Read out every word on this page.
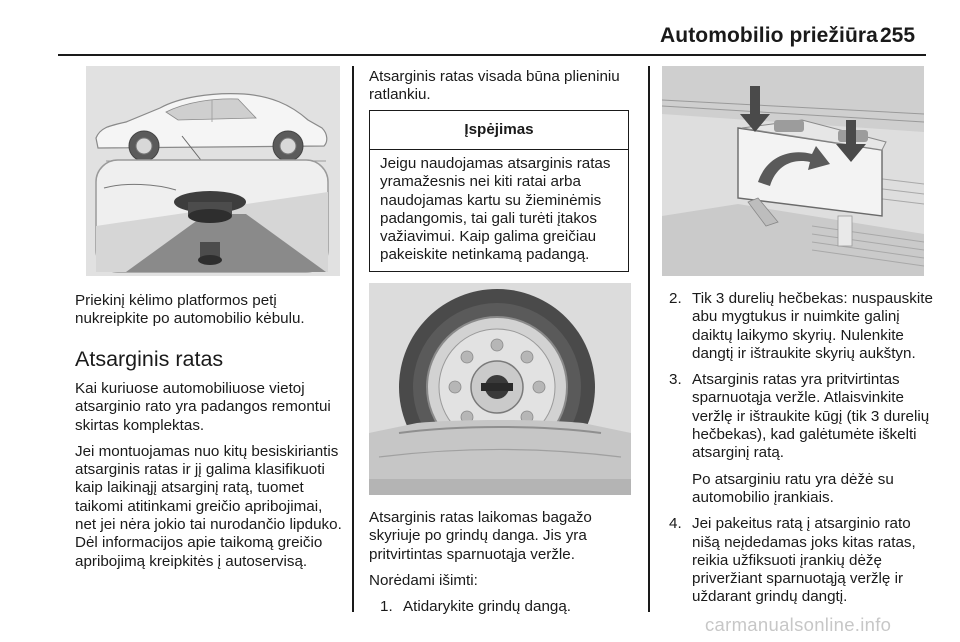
Automobilio priežiūra 255

Priekinį kėlimo platformos petį nukreipkite po automobilio kėbulu.

Atsarginis ratas

Kai kuriuose automobiliuose vietoj atsarginio rato yra padangos remontui skirtas komplektas.

Jei montuojamas nuo kitų besiskiriantis atsarginis ratas ir jį galima klasifikuoti kaip laikinąjį atsarginį ratą, tuomet taikomi atitinkami greičio apribojimai, net jei nėra jokio tai nurodančio lipduko. Dėl informacijos apie taikomą greičio apribojimą kreipkitės į autoservisą.

Atsarginis ratas visada būna plieniniu ratlankiu.

Įspėjimas
Jeigu naudojamas atsarginis ratas yramažesnis nei kiti ratai arba naudojamas kartu su žieminėmis padangomis, tai gali turėti įtakos važiavimui. Kaip galima greičiau pakeiskite netinkamą padangą.

Atsarginis ratas laikomas bagažo skyriuje po grindų danga. Jis yra pritvirtintas sparnuotąja veržle.

Norėdami išimti:

1. Atidarykite grindų dangą.
2. Tik 3 durelių hečbekas: nuspauskite abu mygtukus ir nuimkite galinį daiktų laikymo skyrių. Nulenkite dangtį ir ištraukite skyrių aukštyn.
3. Atsarginis ratas yra pritvirtintas sparnuotąja veržle. Atlaisvinkite veržlę ir ištraukite kūgį (tik 3 durelių hečbekas), kad galėtumėte iškelti atsarginį ratą.
Po atsarginiu ratu yra dėžė su automobilio įrankiais.
4. Jei pakeitus ratą į atsarginio rato nišą neįdedamas joks kitas ratas, reikia užfiksuoti įrankių dėžę priveržiant sparnuotąją veržlę ir uždarant grindų dangtį.
carmanualsonline.info
